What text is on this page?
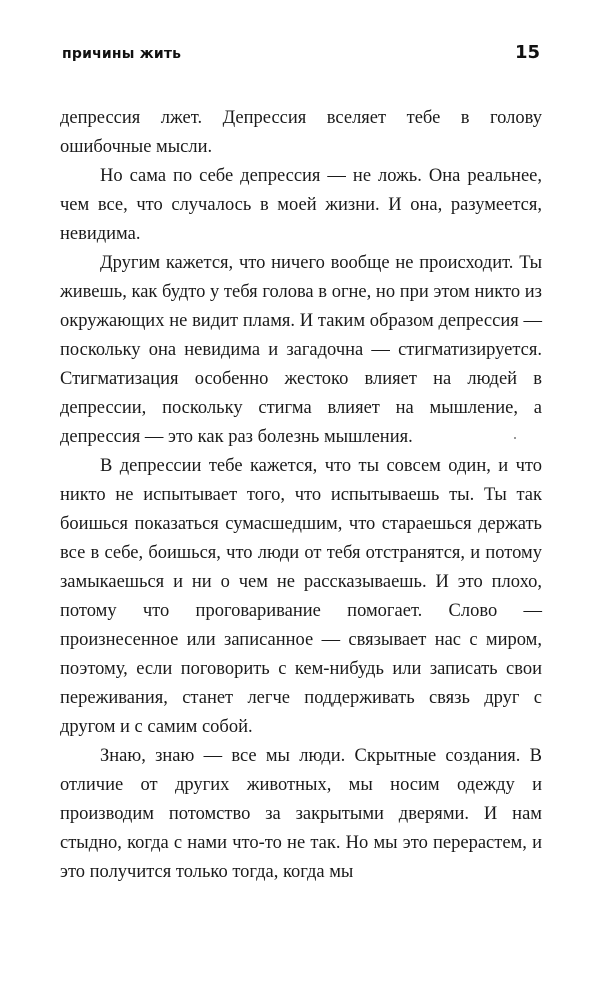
причины жить	15

депрессия лжет. Депрессия вселяет тебе в голову ошибочные мысли.

Но сама по себе депрессия — не ложь. Она реальнее, чем все, что случалось в моей жизни. И она, разумеется, невидима.

Другим кажется, что ничего вообще не происходит. Ты живешь, как будто у тебя голова в огне, но при этом никто из окружающих не видит пламя. И таким образом депрессия — поскольку она невидима и загадочна — стигматизируется. Стигматизация особенно жестоко влияет на людей в депрессии, поскольку стигма влияет на мышление, а депрессия — это как раз болезнь мышления.

В депрессии тебе кажется, что ты совсем один, и что никто не испытывает того, что испытываешь ты. Ты так боишься показаться сумасшедшим, что стараешься держать все в себе, боишься, что люди от тебя отстранятся, и потому замыкаешься и ни о чем не рассказываешь. И это плохо, потому что проговаривание помогает. Слово — произнесенное или записанное — связывает нас с миром, поэтому, если поговорить с кем-нибудь или записать свои переживания, станет легче поддерживать связь друг с другом и с самим собой.

Знаю, знаю — все мы люди. Скрытные создания. В отличие от других животных, мы носим одежду и производим потомство за закрытыми дверями. И нам стыдно, когда с нами что-то не так. Но мы это перерастем, и это получится только тогда, когда мы
